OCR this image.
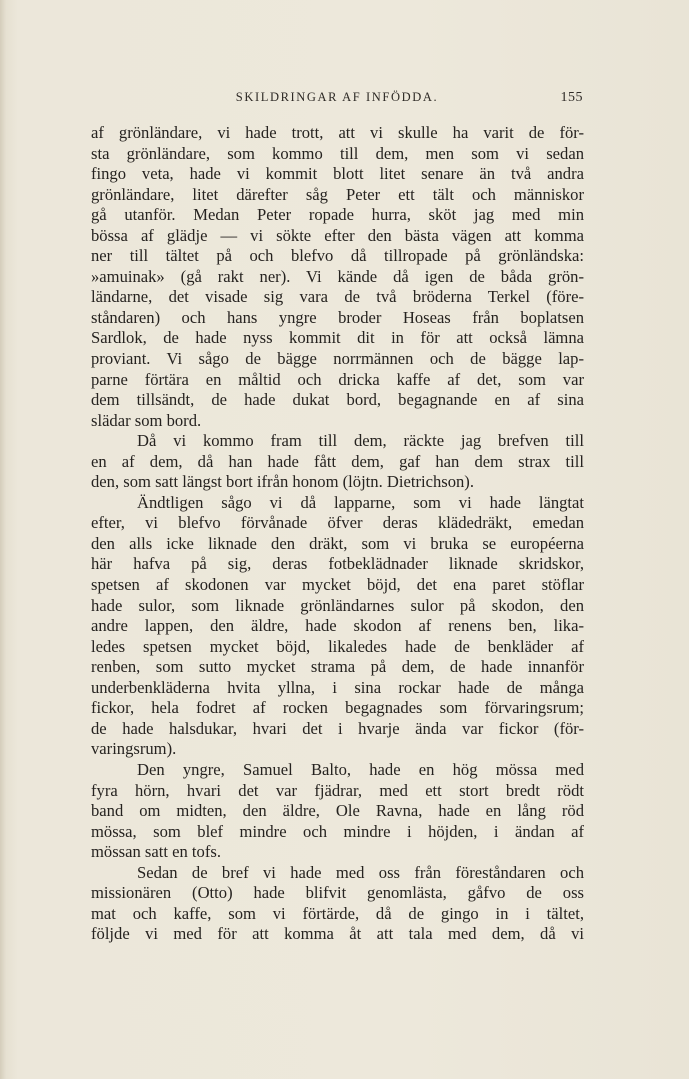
SKILDRINGAR AF INFÖDDA.	155
af grönländare, vi hade trott, att vi skulle ha varit de för-
sta grönländare, som kommo till dem, men som vi sedan
fingo veta, hade vi kommit blott litet senare än två andra
grönländare, litet därefter såg Peter ett tält och människor
gå utanför. Medan Peter ropade hurra, sköt jag med min
bössa af glädje — vi sökte efter den bästa vägen att komma
ner till tältet på och blefvo då tillropade på grönländska:
»amuinak» (gå rakt ner). Vi kände då igen de båda grön-
ländarne, det visade sig vara de två bröderna Terkel (före-
ståndaren) och hans yngre broder Hoseas från boplatsen
Sardlok, de hade nyss kommit dit in för att också lämna
proviant. Vi sågo de bägge norrmännen och de bägge lap-
parne förtära en måltid och dricka kaffe af det, som var
dem tillsändt, de hade dukat bord, begagnande en af sina
slädar som bord.
Då vi kommo fram till dem, räckte jag brefven till
en af dem, då han hade fått dem, gaf han dem strax till
den, som satt längst bort ifrån honom (löjtn. Dietrichson).
Ändtligen sågo vi då lapparne, som vi hade längtat
efter, vi blefvo förvånade öfver deras klädedräkt, emedan
den alls icke liknade den dräkt, som vi bruka se européerna
här hafva på sig, deras fotbeklädnader liknade skridskor,
spetsen af skodonen var mycket böjd, det ena paret stöflar
hade sulor, som liknade grönländarnes sulor på skodon, den
andre lappen, den äldre, hade skodon af renens ben, lika-
ledes spetsen mycket böjd, likaledes hade de benkläder af
renben, som sutto mycket strama på dem, de hade innanför
underbenkläderna hvita yllna, i sina rockar hade de många
fickor, hela fodret af rocken begagnades som förvaringsrum;
de hade halsdukar, hvari det i hvarje ända var fickor (för-
varingsrum).
Den yngre, Samuel Balto, hade en hög mössa med
fyra hörn, hvari det var fjädrar, med ett stort bredt rödt
band om midten, den äldre, Ole Ravna, hade en lång röd
mössa, som blef mindre och mindre i höjden, i ändan af
mössan satt en tofs.
Sedan de bref vi hade med oss från föreståndaren och
missionären (Otto) hade blifvit genomlästa, gåfvo de oss
mat och kaffe, som vi förtärde, då de gingo in i tältet,
följde vi med för att komma åt att tala med dem, då vi
